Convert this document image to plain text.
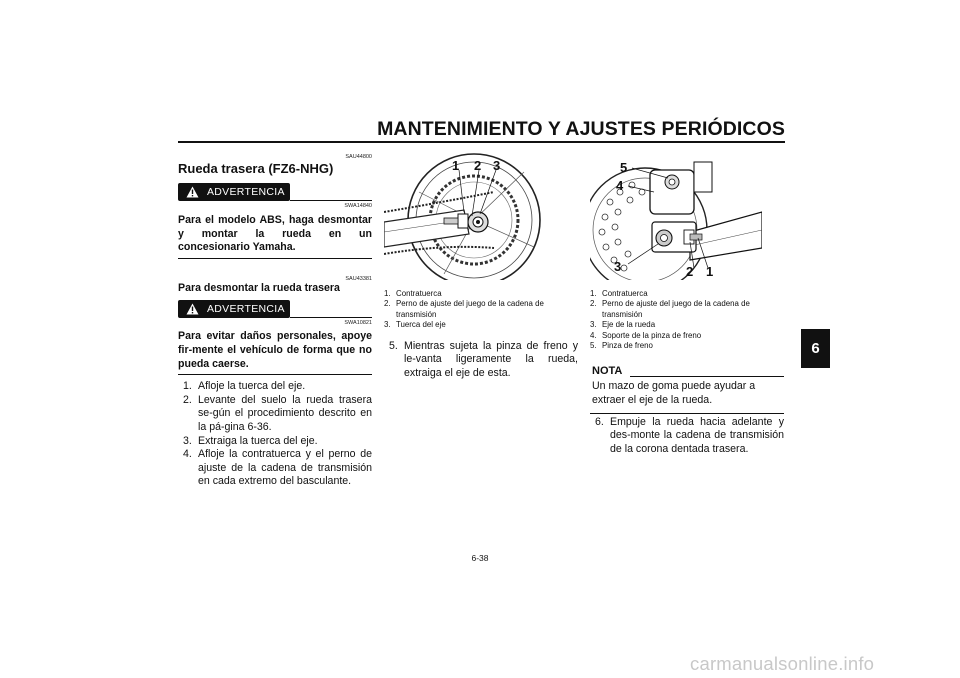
MANTENIMIENTO Y AJUSTES PERIÓDICOS
6
SAU44800
Rueda trasera (FZ6-NHG)
ADVERTENCIA
SWA14840
Para el modelo ABS, haga desmontar y montar la rueda en un concesionario Yamaha.
SAU43381
Para desmontar la rueda trasera
ADVERTENCIA
SWA10821
Para evitar daños personales, apoye fir-mente el vehículo de forma que no pueda caerse.
1. Afloje la tuerca del eje.
2. Levante del suelo la rueda trasera se-gún el procedimiento descrito en la pá-gina 6-36.
3. Extraiga la tuerca del eje.
4. Afloje la contratuerca y el perno de ajuste de la cadena de transmisión en cada extremo del basculante.
1 2 3
1. Contratuerca
2. Perno de ajuste del juego de la cadena de transmisión
3. Tuerca del eje
5. Mientras sujeta la pinza de freno y le-vanta ligeramente la rueda, extraiga el eje de esta.
5
4
3	2 1
1. Contratuerca
2. Perno de ajuste del juego de la cadena de transmisión
3. Eje de la rueda
4. Soporte de la pinza de freno
5. Pinza de freno
NOTA
Un mazo de goma puede ayudar a extraer el eje de la rueda.
6. Empuje la rueda hacia adelante y des-monte la cadena de transmisión de la corona dentada trasera.
6-38
carmanualsonline.info
